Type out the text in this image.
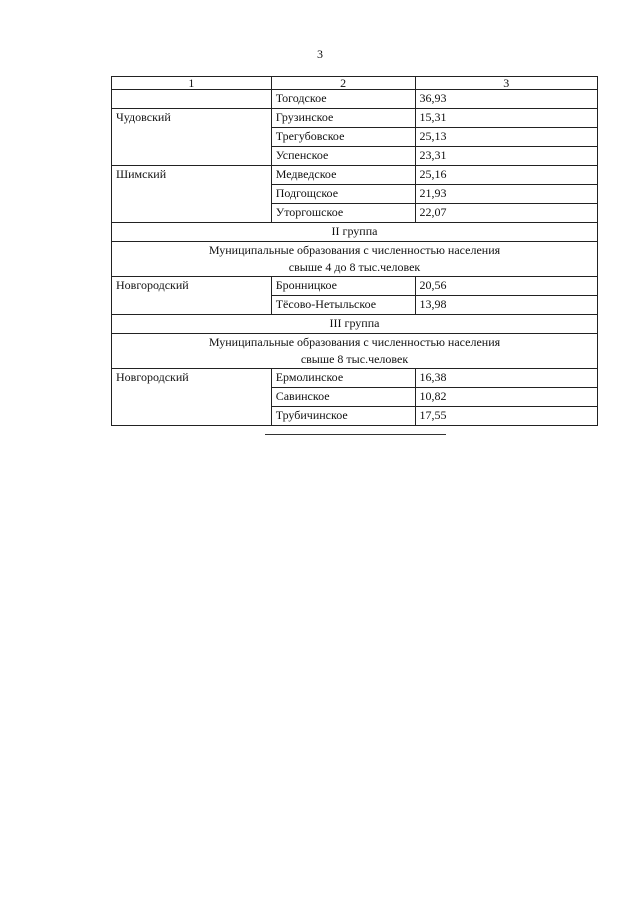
3
1	2	3
	Тогодское	36,93
Чудовский	Грузинское	15,31
	Трегубовское	25,13
	Успенское	23,31
Шимский	Медведское	25,16
	Подгощское	21,93
	Уторгошское	22,07
II группа		

Муниципальные образования с численностью населения
свыше 4 до 8 тыс.человек		

Новгородский	Бронницкое	20,56
	Тёсово-Нетыльское	13,98
III группа		

Муниципальные образования с численностью населения
свыше 8 тыс.человек		

Новгородский	Ермолинское	16,38
	Савинское	10,82
	Трубичинское	17,55
